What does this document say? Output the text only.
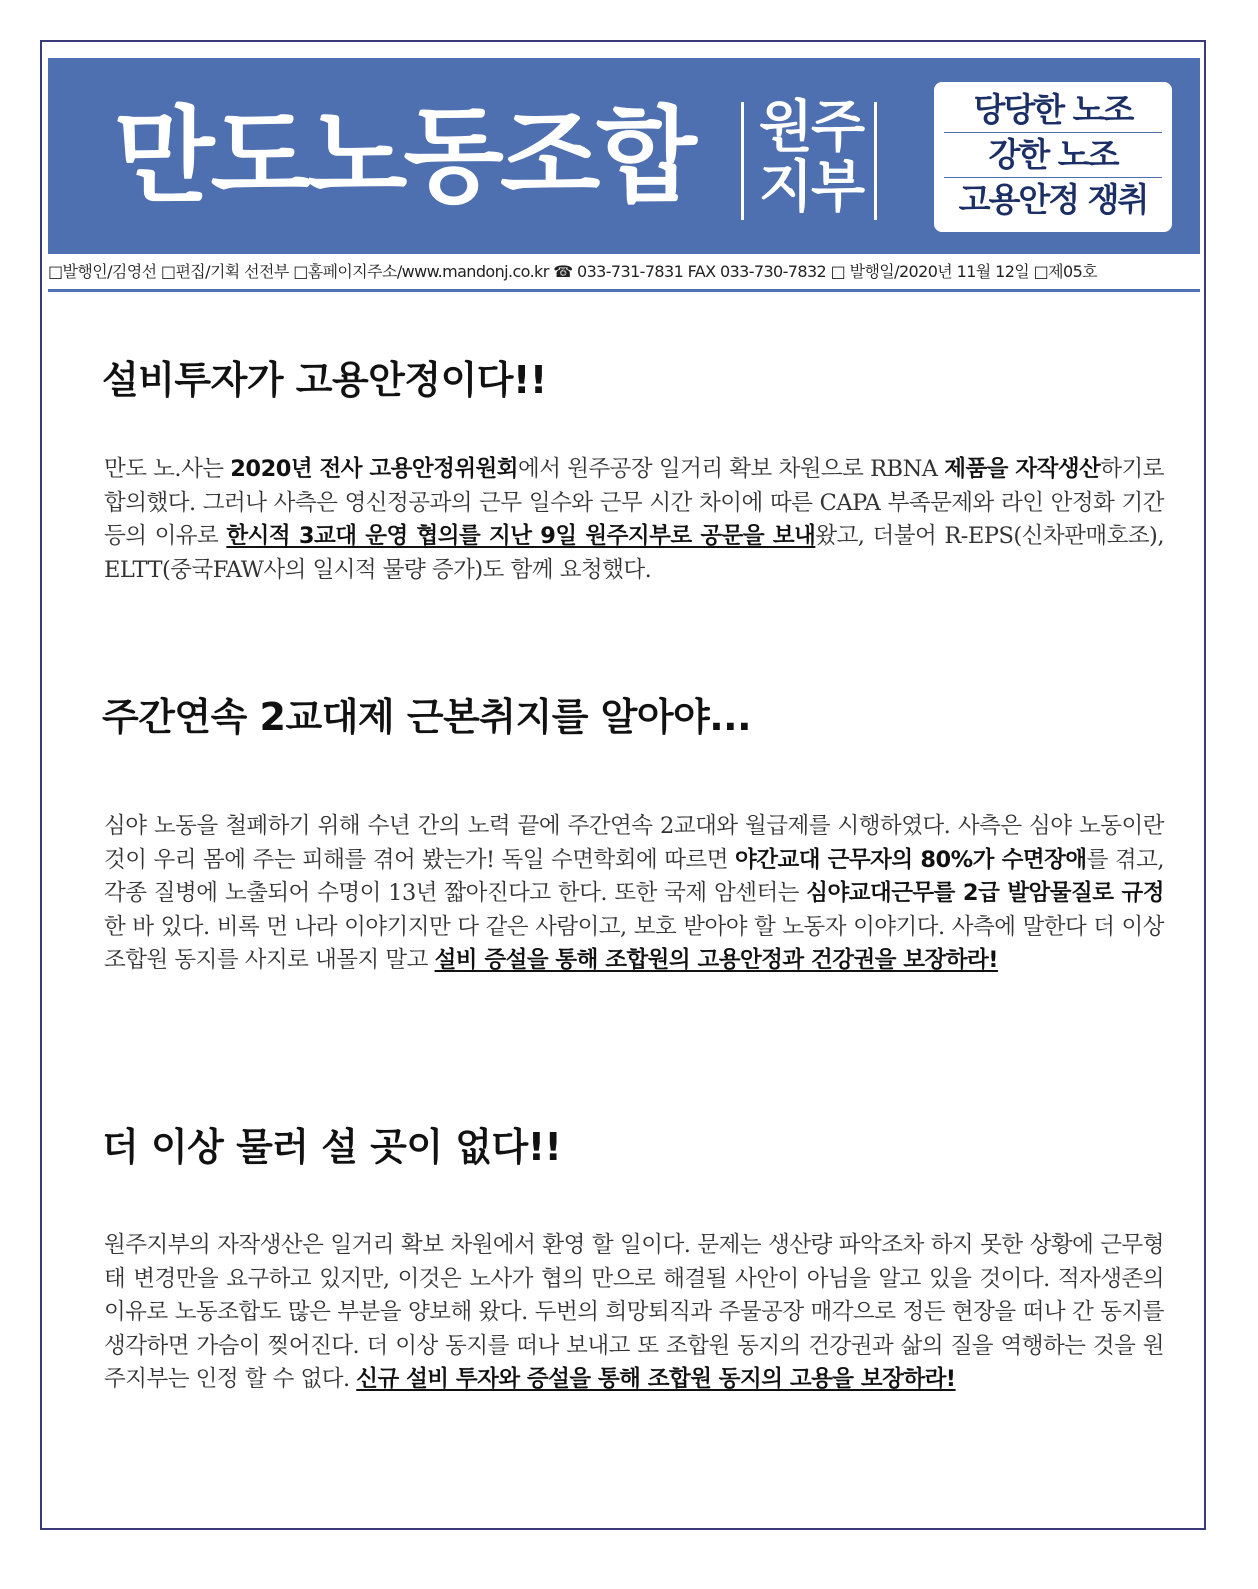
만도노동조합 원주
지부
당당한 노조
강한 노조
고용안정 쟁취
□발행인/김영선 □편집/기획 선전부 □홈페이지주소/www.mandonj.co.kr ☎ 033-731-7831 FAX 033-730-7832 □ 발행일/2020년 11월 12일 □제05호
설비투자가 고용안정이다!!
만도 노.사는 2020년 전사 고용안정위원회에서 원주공장 일거리 확보 차원으로 RBNA 제품을 자작생산하기로 합의했다. 그러나 사측은 영신정공과의 근무 일수와 근무 시간 차이에 따른 CAPA 부족문제와 라인 안정화 기간 등의 이유로 한시적 3교대 운영 협의를 지난 9일 원주지부로 공문을 보내왔고, 더불어 R-EPS(신차판매호조), ELTT(중국FAW사의 일시적 물량 증가)도 함께 요청했다.
주간연속 2교대제 근본취지를 알아야...
심야 노동을 철폐하기 위해 수년 간의 노력 끝에 주간연속 2교대와 월급제를 시행하였다. 사측은 심야 노동이란 것이 우리 몸에 주는 피해를 겪어 봤는가! 독일 수면학회에 따르면 야간교대 근무자의 80%가 수면장애를 겪고, 각종 질병에 노출되어 수명이 13년 짧아진다고 한다. 또한 국제 암센터는 심야교대근무를 2급 발암물질로 규정한 바 있다. 비록 먼 나라 이야기지만 다 같은 사람이고, 보호 받아야 할 노동자 이야기다. 사측에 말한다 더 이상 조합원 동지를 사지로 내몰지 말고 설비 증설을 통해 조합원의 고용안정과 건강권을 보장하라!
더 이상 물러 설 곳이 없다!!
원주지부의 자작생산은 일거리 확보 차원에서 환영 할 일이다. 문제는 생산량 파악조차 하지 못한 상황에 근무형태 변경만을 요구하고 있지만, 이것은 노사가 협의 만으로 해결될 사안이 아님을 알고 있을 것이다. 적자생존의 이유로 노동조합도 많은 부분을 양보해 왔다. 두번의 희망퇴직과 주물공장 매각으로 정든 현장을 떠나 간 동지를 생각하면 가슴이 찢어진다. 더 이상 동지를 떠나 보내고 또 조합원 동지의 건강권과 삶의 질을 역행하는 것을 원주지부는 인정 할 수 없다. 신규 설비 투자와 증설을 통해 조합원 동지의 고용을 보장하라!
